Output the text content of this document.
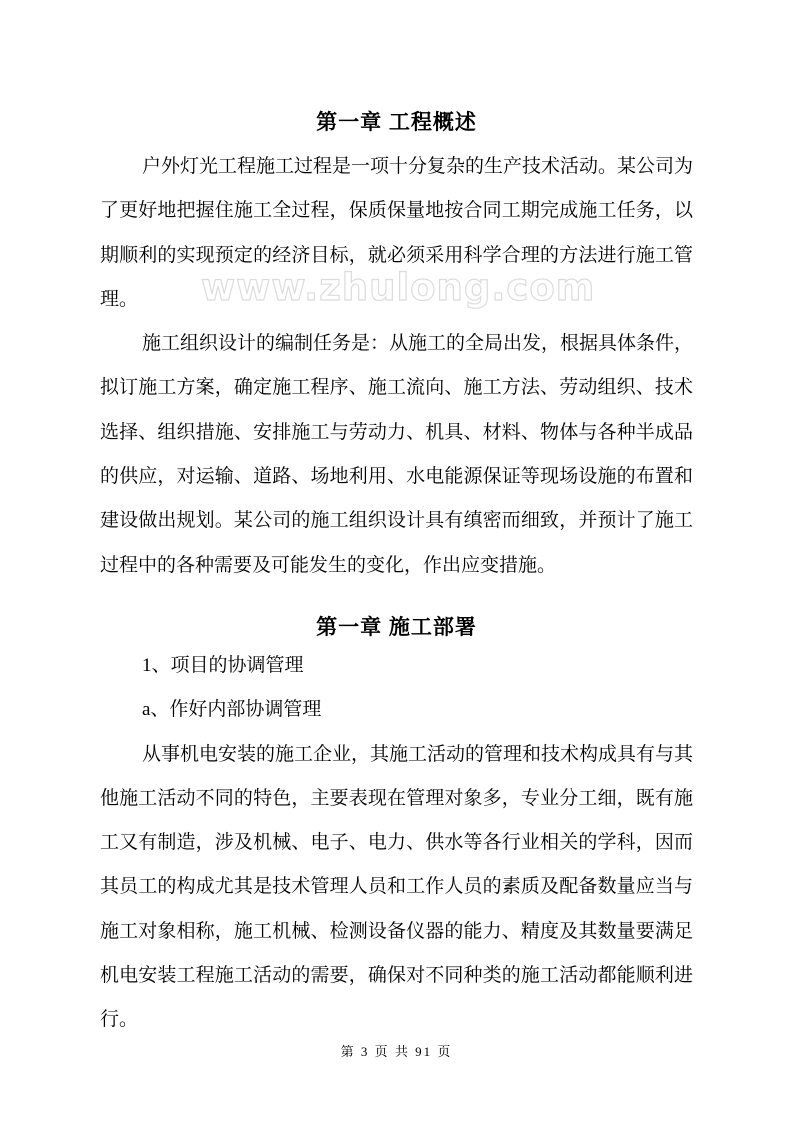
www.zhulong.com
第一章 工程概述

户外灯光工程施工过程是一项十分复杂的生产技术活动。某公司为了更好地把握住施工全过程，保质保量地按合同工期完成施工任务，以期顺利的实现预定的经济目标，就必须采用科学合理的方法进行施工管理。

施工组织设计的编制任务是：从施工的全局出发，根据具体条件，拟订施工方案，确定施工程序、施工流向、施工方法、劳动组织、技术选择、组织措施、安排施工与劳动力、机具、材料、物体与各种半成品的供应，对运输、道路、场地利用、水电能源保证等现场设施的布置和建设做出规划。某公司的施工组织设计具有缜密而细致，并预计了施工过程中的各种需要及可能发生的变化，作出应变措施。

第一章 施工部署

1、项目的协调管理

a、作好内部协调管理

从事机电安装的施工企业，其施工活动的管理和技术构成具有与其他施工活动不同的特色，主要表现在管理对象多，专业分工细，既有施工又有制造，涉及机械、电子、电力、供水等各行业相关的学科，因而其员工的构成尤其是技术管理人员和工作人员的素质及配备数量应当与施工对象相称，施工机械、检测设备仪器的能力、精度及其数量要满足机电安装工程施工活动的需要，确保对不同种类的施工活动都能顺利进行。

第 3 页 共 91 页
